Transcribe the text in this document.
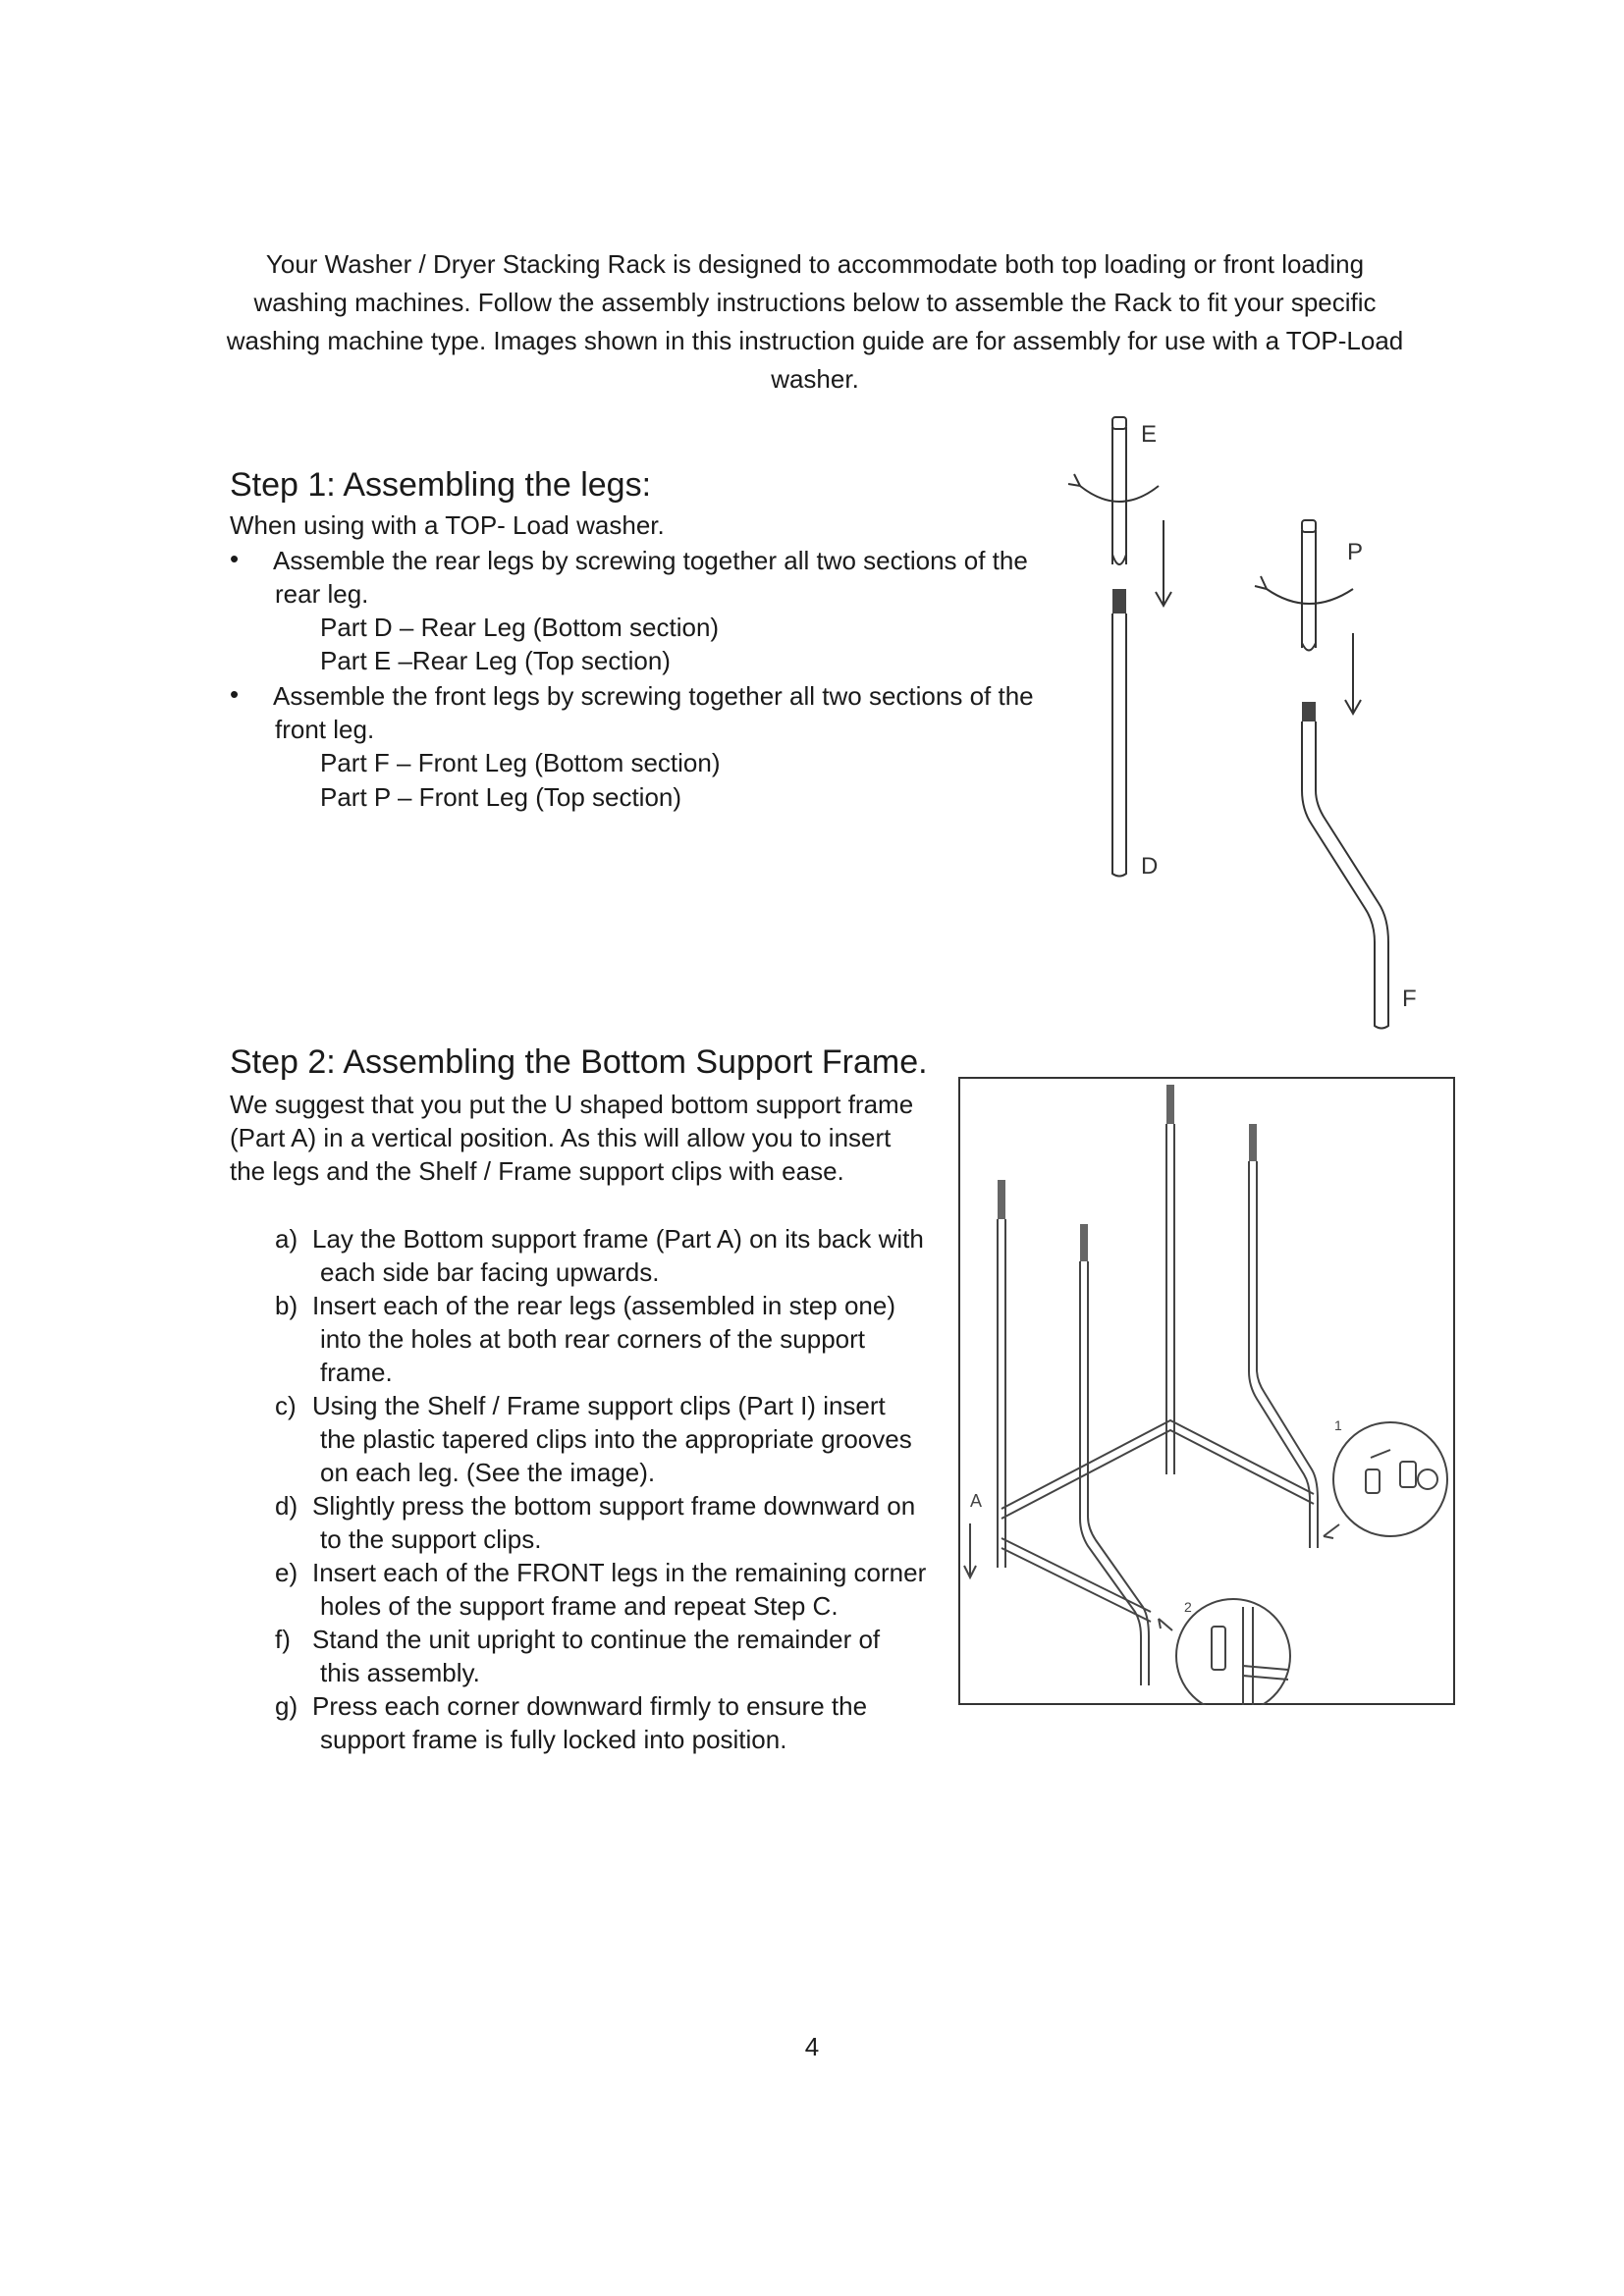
Your Washer / Dryer Stacking Rack is designed to accommodate both top loading or front loading
washing machines. Follow the assembly instructions below to assemble the Rack to fit your specific
washing machine type. Images shown in this instruction guide are for assembly for use with a TOP-Load
washer.
Step 1: Assembling the legs:
When using with a TOP- Load washer.
• Assemble the rear legs by screwing together all two sections of the
rear leg.
Part D – Rear Leg (Bottom section)
Part E –Rear Leg (Top section)
• Assemble the front legs by screwing together all two sections of the
front leg.
Part F – Front Leg (Bottom section)
Part P – Front Leg (Top section)
E
D
P
F
Step 2: Assembling the Bottom Support Frame.
We suggest that you put the U shaped bottom support frame
(Part A) in a vertical position. As this will allow you to insert
the legs and the Shelf / Frame support clips with ease.
a) Lay the Bottom support frame (Part A) on its back with
each side bar facing upwards.
b) Insert each of the rear legs (assembled in step one)
into the holes at both rear corners of the support
frame.
c) Using the Shelf / Frame support clips (Part I) insert
the plastic tapered clips into the appropriate grooves
on each leg. (See the image).
d) Slightly press the bottom support frame downward on
to the support clips.
e) Insert each of the FRONT legs in the remaining corner
holes of the support frame and repeat Step C.
f) Stand the unit upright to continue the remainder of
this assembly.
g) Press each corner downward firmly to ensure the
support frame is fully locked into position.
A
1
2
4
